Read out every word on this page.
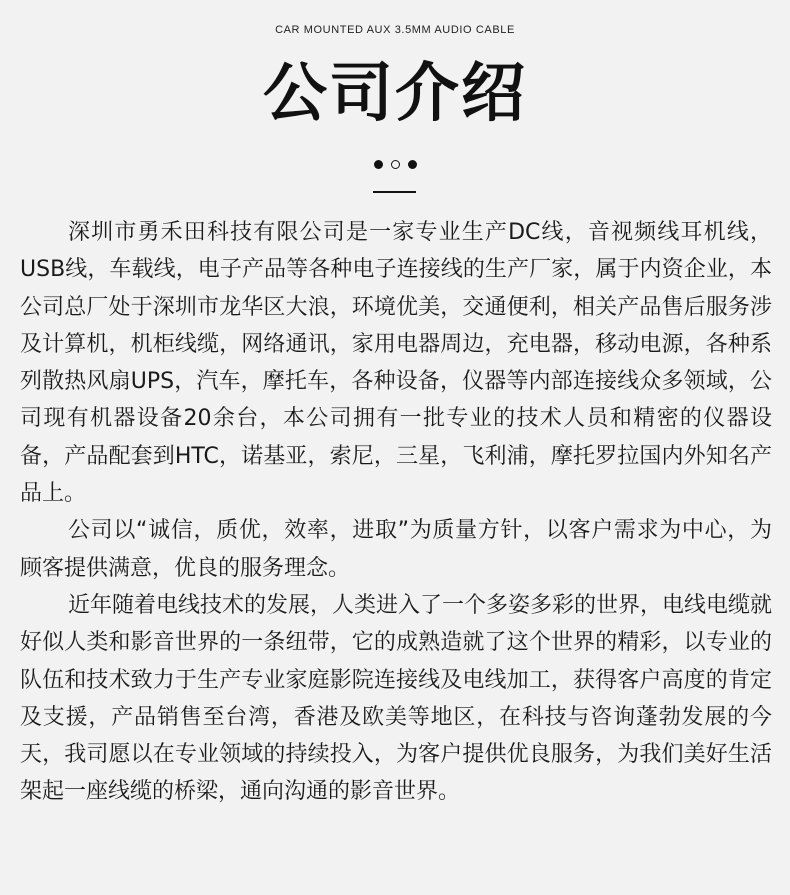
CAR MOUNTED AUX 3.5MM AUDIO CABLE
公司介绍

深圳市勇禾田科技有限公司是一家专业生产DC线，音视频线耳机线，USB线，车载线，电子产品等各种电子连接线的生产厂家，属于内资企业，本公司总厂处于深圳市龙华区大浪，环境优美，交通便利，相关产品售后服务涉及计算机，机柜线缆，网络通讯，家用电器周边，充电器，移动电源，各种系列散热风扇UPS，汽车，摩托车，各种设备，仪器等内部连接线众多领域，公司现有机器设备20余台，本公司拥有一批专业的技术人员和精密的仪器设备，产品配套到HTC，诺基亚，索尼，三星，飞利浦，摩托罗拉国内外知名产品上。

公司以“诚信，质优，效率，进取”为质量方针，以客户需求为中心，为顾客提供满意，优良的服务理念。

近年随着电线技术的发展，人类进入了一个多姿多彩的世界，电线电缆就好似人类和影音世界的一条纽带，它的成熟造就了这个世界的精彩，以专业的队伍和技术致力于生产专业家庭影院连接线及电线加工，获得客户高度的肯定及支援，产品销售至台湾，香港及欧美等地区，在科技与咨询蓬勃发展的今天，我司愿以在专业领域的持续投入，为客户提供优良服务，为我们美好生活架起一座线缆的桥梁，通向沟通的影音世界。
